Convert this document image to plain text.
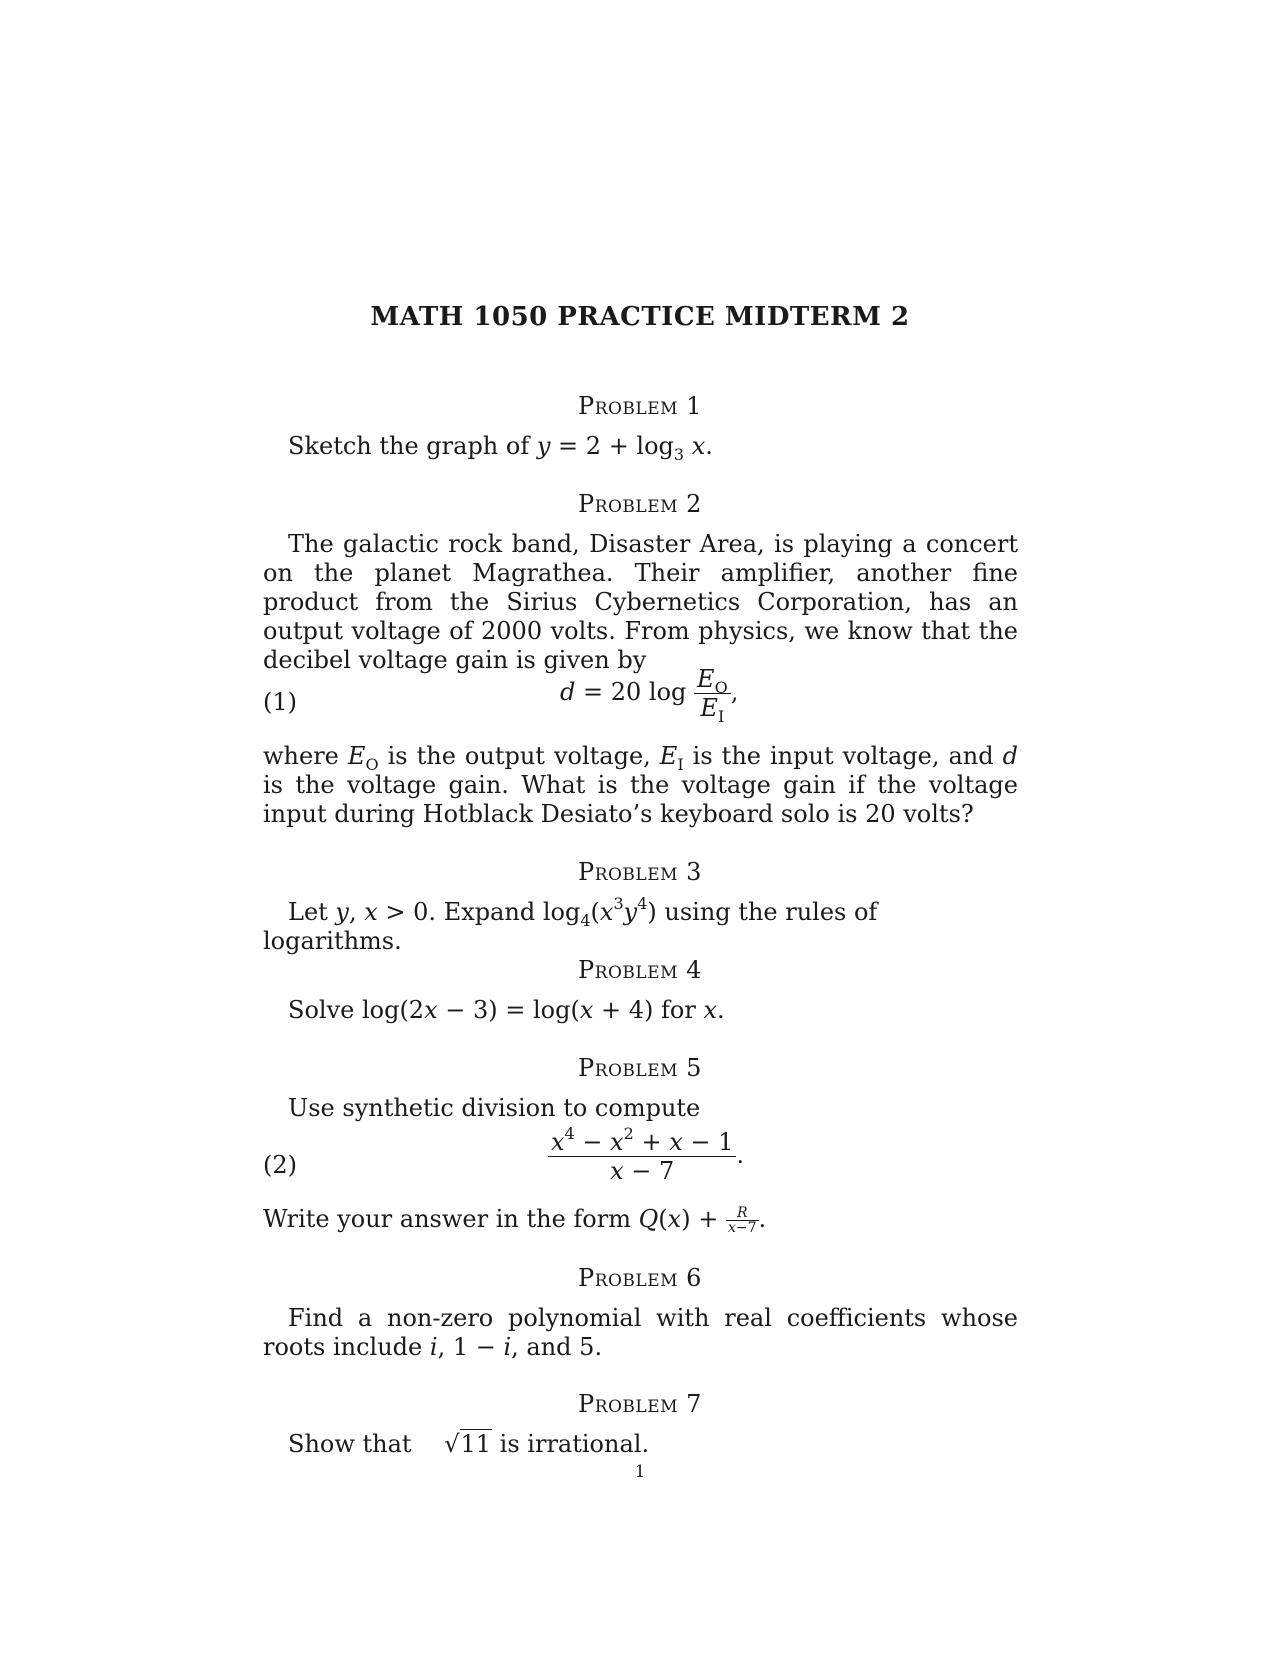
MATH 1050 PRACTICE MIDTERM 2
Problem 1
Sketch the graph of $y = 2 + \log_3 x$.
Problem 2
The galactic rock band, Disaster Area, is playing a concert on the planet Magrathea. Their amplifier, another fine product from the Sirius Cybernetics Corporation, has an output voltage of 2000 volts. From physics, we know that the decibel voltage gain is given by
(1)	d = 20 $\log \frac{E_O}{E_I}$ ,
where $E_O$ is the output voltage, $E_I$ is the input voltage, and d is the voltage gain. What is the voltage gain if the voltage input during Hotblack Desiato’s keyboard solo is 20 volts?
Problem 3
Let y, x > 0. Expand $\log_4(x^3y^4)$ using the rules of logarithms.
Problem 4
Solve log(2x − 3) = log(x + 4) for x.
Problem 5
Use synthetic division to compute
(2)	$\frac{x^4 - x^2 + x - 1}{x - 7}$ .
Write your answer in the form $Q(x) + \frac{R}{x-7}$ .
Problem 6
Find a non-zero polynomial with real coefficients whose roots include i, 1 − i, and 5.
Problem 7
Show that √11 is irrational.
1
